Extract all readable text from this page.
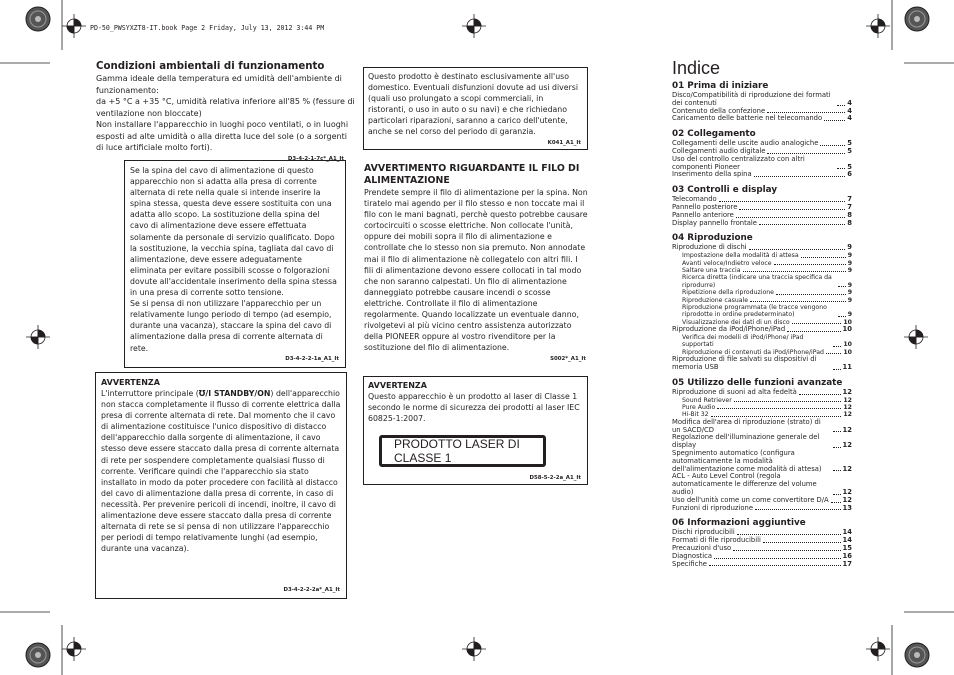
PD-50_PWSYXZT8-IT.book Page 2 Friday, July 13, 2012 3:44 PM
Condizioni ambientali di funzionamento
Gamma ideale della temperatura ed umidità dell'ambiente di funzionamento:
da +5 °C a +35 °C, umidità relativa inferiore all'85 % (fessure di ventilazione non bloccate)
Non installare l'apparecchio in luoghi poco ventilati, o in luoghi esposti ad alte umidità o alla diretta luce del sole (o a sorgenti di luce artificiale molto forti).
D3-4-2-1-7c*_A1_It
Se la spina del cavo di alimentazione di questo apparecchio non si adatta alla presa di corrente alternata di rete nella quale si intende inserire la spina stessa, questa deve essere sostituita con una adatta allo scopo. La sostituzione della spina del cavo di alimentazione deve essere effettuata solamente da personale di servizio qualificato. Dopo la sostituzione, la vecchia spina, tagliata dal cavo di alimentazione, deve essere adeguatamente eliminata per evitare possibili scosse o folgorazioni dovute all'accidentale inserimento della spina stessa in una presa di corrente sotto tensione.
Se si pensa di non utilizzare l'apparecchio per un relativamente lungo periodo di tempo (ad esempio, durante una vacanza), staccare la spina del cavo di alimentazione dalla presa di corrente alternata di rete.
D3-4-2-2-1a_A1_It
AVVERTENZA
L'interruttore principale (Ʊ/I STANDBY/ON) dell'apparecchio non stacca completamente il flusso di corrente elettrica dalla presa di corrente alternata di rete. Dal momento che il cavo di alimentazione costituisce l'unico dispositivo di distacco dell'apparecchio dalla sorgente di alimentazione, il cavo stesso deve essere staccato dalla presa di corrente alternata di rete per sospendere completamente qualsiasi flusso di corrente. Verificare quindi che l'apparecchio sia stato installato in modo da poter procedere con facilità al distacco del cavo di alimentazione dalla presa di corrente, in caso di necessità. Per prevenire pericoli di incendi, inoltre, il cavo di alimentazione deve essere staccato dalla presa di corrente alternata di rete se si pensa di non utilizzare l'apparecchio per periodi di tempo relativamente lunghi (ad esempio, durante una vacanza).
D3-4-2-2-2a*_A1_It
Questo prodotto è destinato esclusivamente all'uso domestico. Eventuali disfunzioni dovute ad usi diversi (quali uso prolungato a scopi commerciali, in ristoranti, o uso in auto o su navi) e che richiedano particolari riparazioni, saranno a carico dell'utente, anche se nel corso del periodo di garanzia.
K041_A1_It
AVVERTIMENTO RIGUARDANTE IL FILO DI ALIMENTAZIONE
Prendete sempre il filo di alimentazione per la spina. Non tiratelo mai agendo per il filo stesso e non toccate mai il filo con le mani bagnati, perchè questo potrebbe causare cortocircuiti o scosse elettriche. Non collocate l'unità, oppure dei mobili sopra il filo di alimentazione e controllate che lo stesso non sia premuto. Non annodate mai il filo di alimentazione nè collegatelo con altri fili. I fili di alimentazione devono essere collocati in tal modo che non saranno calpestati. Un filo di alimentazione danneggiato potrebbe causare incendi o scosse elettriche. Controllate il filo di alimentazione regolarmente. Quando localizzate un eventuale danno, rivolgetevi al più vicino centro assistenza autorizzato della PIONEER oppure al vostro rivenditore per la sostituzione del filo di alimentazione.
S002*_A1_It
AVVERTENZA
Questo apparecchio è un prodotto al laser di Classe 1 secondo le norme di sicurezza dei prodotti al laser IEC 60825-1:2007.
PRODOTTO LASER DI CLASSE 1
D58-5-2-2a_A1_It
Indice
01 Prima di iniziare
Disco/Compatibilità di riproduzione dei formati dei contenuti	4
Contenuto della confezione	4
Caricamento delle batterie nel telecomando	4
02 Collegamento
Collegamenti delle uscite audio analogiche	5
Collegamenti audio digitale	5
Uso del controllo centralizzato con altri componenti Pioneer	5
Inserimento della spina	6
03 Controlli e display
Telecomando	7
Pannello posteriore	7
Pannello anteriore	8
Display pannello frontale	8
04 Riproduzione
Riproduzione di dischi	9
Impostazione della modalità di attesa	9
Avanti veloce/Indietro veloce	9
Saltare una traccia	9
Ricerca diretta (indicare una traccia specifica da riprodurre)	9
Ripetizione della riproduzione	9
Riproduzione casuale	9
Riproduzione programmata (le tracce vengono riprodotte in ordine predeterminato)	9
Visualizzazione dei dati di un disco	10
Riproduzione da iPod/iPhone/iPad	10
Verifica dei modelli di iPod/iPhone/ iPad supportati	10
Riproduzione di contenuti da iPod/iPhone/iPad	10
Riproduzione di file salvati su dispositivi di memoria USB	11
05 Utilizzo delle funzioni avanzate
Riproduzione di suoni ad alta fedeltà	12
Sound Retriever	12
Pure Audio	12
Hi-Bit 32	12
Modifica dell'area di riproduzione (strato) di un SACD/CD	12
Regolazione dell'illuminazione generale del display	12
Spegnimento automatico (configura automaticamente la modalità dell'alimentazione come modalità di attesa)	12
ACL - Auto Level Control (regola automaticamente le differenze del volume audio)	12
Uso dell'unità come un come convertitore D/A 12
Funzioni di riproduzione	13
06 Informazioni aggiuntive
Dischi riproducibili	14
Formati di file riproducibili	14
Precauzioni d'uso	15
Diagnostica	16
Specifiche	17
